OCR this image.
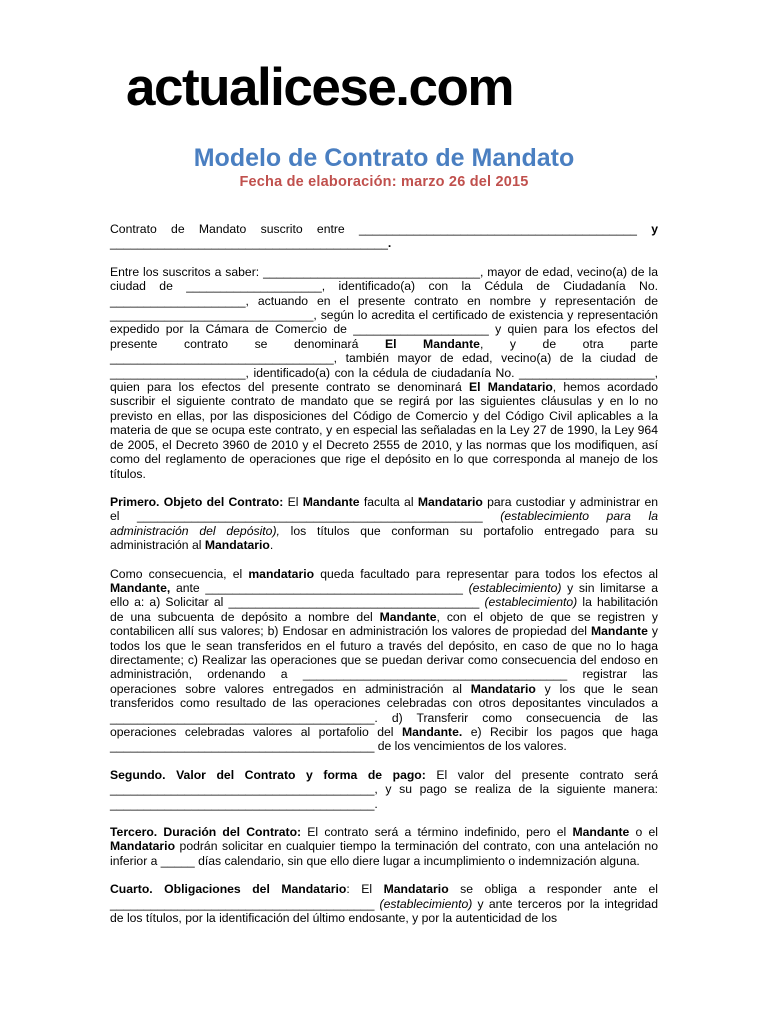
actualicese.com
Modelo de Contrato de Mandato
Fecha de elaboración: marzo 26 del 2015

Contrato de Mandato suscrito entre _________________________________________ y _________________________________________.

Entre los suscritos a saber: ________________________________, mayor de edad, vecino(a) de la ciudad de ____________________, identificado(a) con la Cédula de Ciudadanía No. ____________________, actuando en el presente contrato en nombre y representación de ______________________________, según lo acredita el certificado de existencia y representación expedido por la Cámara de Comercio de ____________________ y quien para los efectos del presente contrato se denominará El Mandante, y de otra parte _________________________________, también mayor de edad, vecino(a) de la ciudad de ____________________, identificado(a) con la cédula de ciudadanía No. ____________________, quien para los efectos del presente contrato se denominará El Mandatario, hemos acordado suscribir el siguiente contrato de mandato que se regirá por las siguientes cláusulas y en lo no previsto en ellas, por las disposiciones del Código de Comercio y del Código Civil aplicables a la materia de que se ocupa este contrato, y en especial las señaladas en la Ley 27 de 1990, la Ley 964 de 2005, el Decreto 3960 de 2010 y el Decreto 2555 de 2010, y las normas que los modifiquen, así como del reglamento de operaciones que rige el depósito en lo que corresponda al manejo de los títulos.

Primero. Objeto del Contrato: El Mandante faculta al Mandatario para custodiar y administrar en el ___________________________________________________ (establecimiento para la administración del depósito), los títulos que conforman su portafolio entregado para su administración al Mandatario.

Como consecuencia, el mandatario queda facultado para representar para todos los efectos al Mandante, ante ______________________________________ (establecimiento) y sin limitarse a ello a: a) Solicitar al _____________________________________ (establecimiento) la habilitación de una subcuenta de depósito a nombre del Mandante, con el objeto de que se registren y contabilicen allí sus valores; b) Endosar en administración los valores de propiedad del Mandante y todos los que le sean transferidos en el futuro a través del depósito, en caso de que no lo haga directamente; c) Realizar las operaciones que se puedan derivar como consecuencia del endoso en administración, ordenando a _______________________________________ registrar las operaciones sobre valores entregados en administración al Mandatario y los que le sean transferidos como resultado de las operaciones celebradas con otros depositantes vinculados a _______________________________________. d) Transferir como consecuencia de las operaciones celebradas valores al portafolio del Mandante. e) Recibir los pagos que haga _______________________________________ de los vencimientos de los valores.

Segundo. Valor del Contrato y forma de pago: El valor del presente contrato será _______________________________________, y su pago se realiza de la siguiente manera: _______________________________________.

Tercero. Duración del Contrato: El contrato será a término indefinido, pero el Mandante o el Mandatario podrán solicitar en cualquier tiempo la terminación del contrato, con una antelación no inferior a _____ días calendario, sin que ello diere lugar a incumplimiento o indemnización alguna.

Cuarto. Obligaciones del Mandatario: El Mandatario se obliga a responder ante el _______________________________________ (establecimiento) y ante terceros por la integridad de los títulos, por la identificación del último endosante, y por la autenticidad de los
